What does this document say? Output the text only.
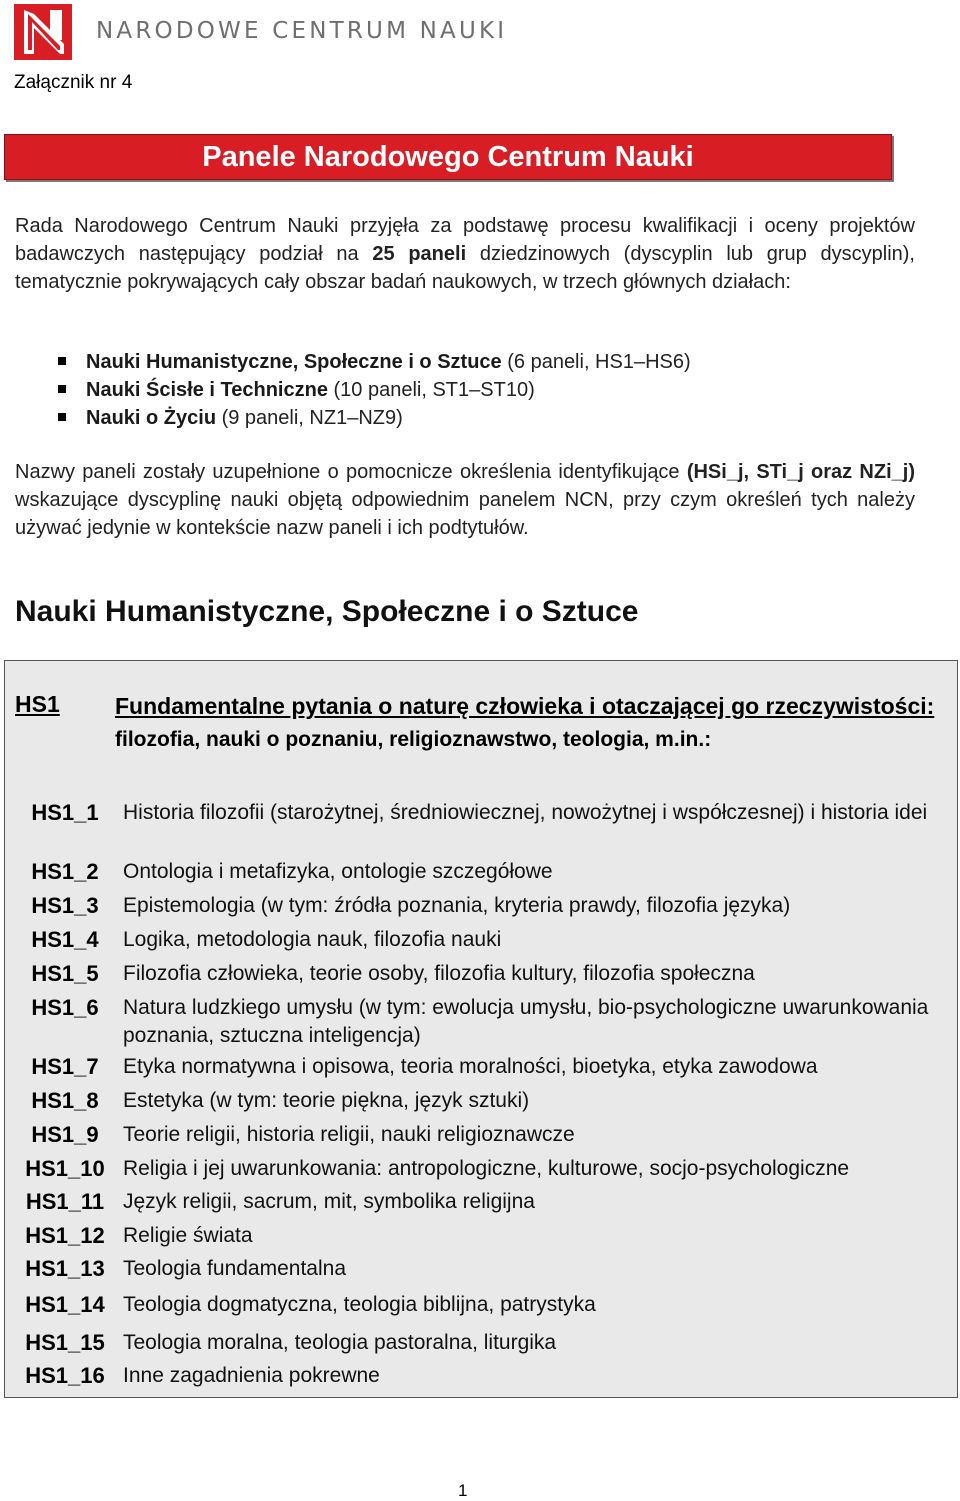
NARODOWE CENTRUM NAUKI
Załącznik nr 4
Panele Narodowego Centrum Nauki

Rada Narodowego Centrum Nauki przyjęła za podstawę procesu kwalifikacji i oceny projektów badawczych następujący podział na 25 paneli dziedzinowych (dyscyplin lub grup dyscyplin), tematycznie pokrywających cały obszar badań naukowych, w trzech głównych działach:

Nauki Humanistyczne, Społeczne i o Sztuce (6 paneli, HS1–HS6)
Nauki Ścisłe i Techniczne (10 paneli, ST1–ST10)
Nauki o Życiu (9 paneli, NZ1–NZ9)

Nazwy paneli zostały uzupełnione o pomocnicze określenia identyfikujące (HSi_j, STi_j oraz NZi_j) wskazujące dyscyplinę nauki objętą odpowiednim panelem NCN, przy czym określeń tych należy używać jedynie w kontekście nazw paneli i ich podtytułów.

Nauki Humanistyczne, Społeczne i o Sztuce
HS1 Fundamentalne pytania o naturę człowieka i otaczającej go rzeczywistości: filozofia, nauki o poznaniu, religioznawstwo, teologia, m.in.:
HS1_1	Historia filozofii (starożytnej, średniowiecznej, nowożytnej i współczesnej) i historia idei
HS1_2	Ontologia i metafizyka, ontologie szczegółowe
HS1_3	Epistemologia (w tym: źródła poznania, kryteria prawdy, filozofia języka)
HS1_4	Logika, metodologia nauk, filozofia nauki
HS1_5	Filozofia człowieka, teorie osoby, filozofia kultury, filozofia społeczna
HS1_6	Natura ludzkiego umysłu (w tym: ewolucja umysłu, bio-psychologiczne uwarunkowania poznania, sztuczna inteligencja)
HS1_7	Etyka normatywna i opisowa, teoria moralności, bioetyka, etyka zawodowa
HS1_8	Estetyka (w tym: teorie piękna, język sztuki)
HS1_9	Teorie religii, historia religii, nauki religioznawcze
HS1_10 Religia i jej uwarunkowania: antropologiczne, kulturowe, socjo-psychologiczne
HS1_11 Język religii, sacrum, mit, symbolika religijna
HS1_12 Religie świata
HS1_13 Teologia fundamentalna
HS1_14 Teologia dogmatyczna, teologia biblijna, patrystyka
HS1_15 Teologia moralna, teologia pastoralna, liturgika
HS1_16 Inne zagadnienia pokrewne
1
